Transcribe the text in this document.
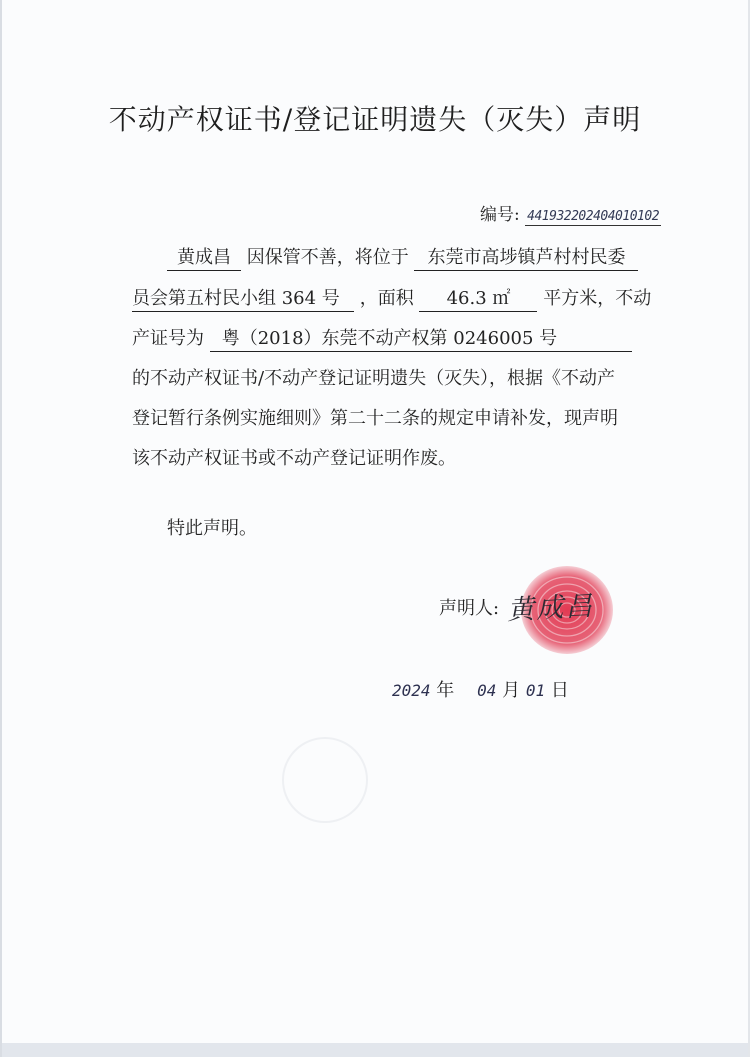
不动产权证书/登记证明遗失（灭失）声明
编号: 441932202404010102
黄成昌 因保管不善，将位于 东莞市高埗镇芦村村民委
员会第五村民小组 364 号 ，面积 46.3 ㎡ 平方米，不动
产证号为 粤（2018）东莞不动产权第 0246005 号
的不动产权证书/不动产登记证明遗失（灭失），根据《不动产
登记暂行条例实施细则》第二十二条的规定申请补发，现声明
该不动产权证书或不动产登记证明作废。
特此声明。
声明人: 黄成昌
2024 年 04 月 01 日
